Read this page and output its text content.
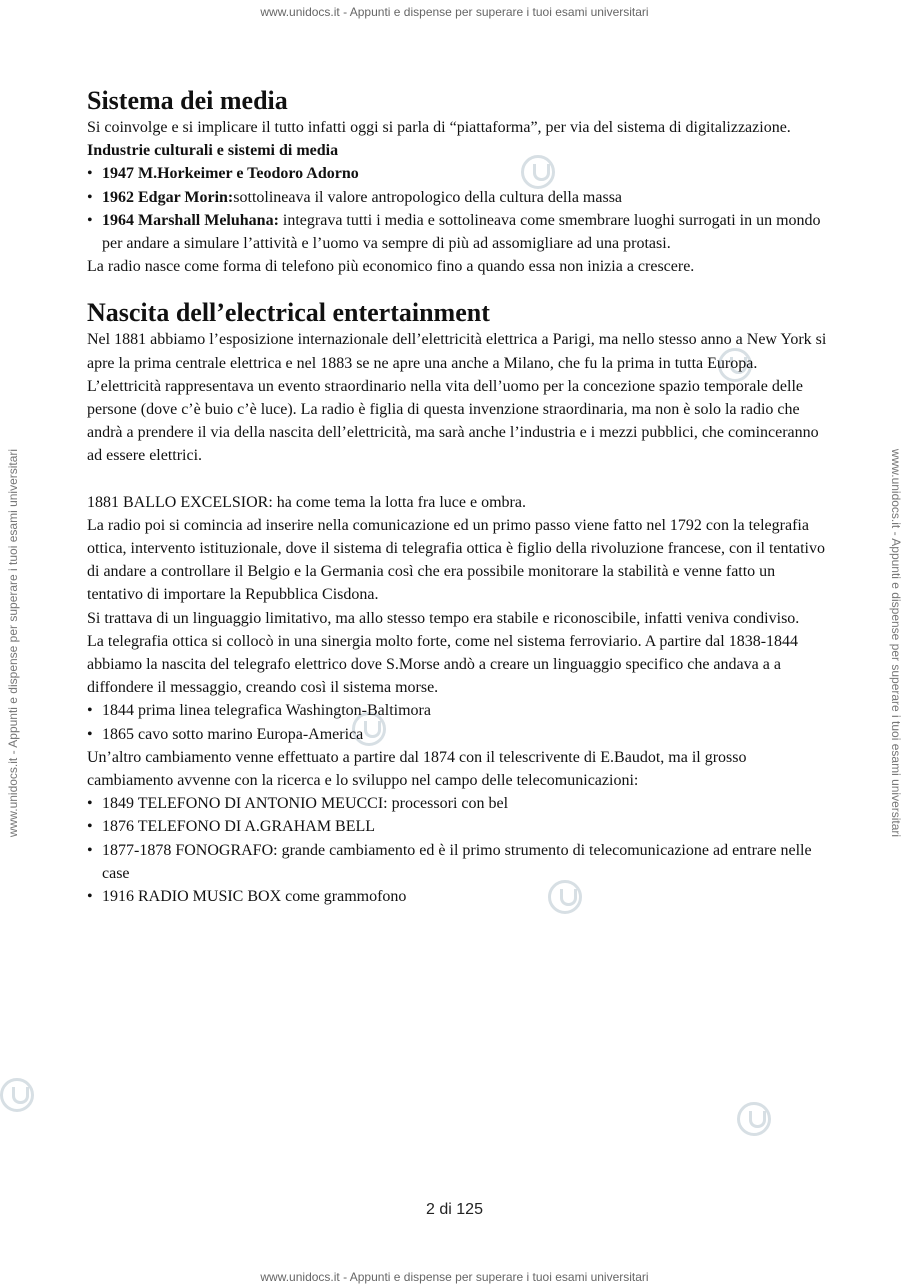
www.unidocs.it - Appunti e dispense per superare i tuoi esami universitari
www.unidocs.it - Appunti e dispense per superare i tuoi esami universitari	www.unidocs.it - Appunti e dispense per superare i tuoi esami universitari
Sistema dei media

Si coinvolge e si implicare il tutto infatti oggi si parla di “piattaforma”, per via del sistema di digitalizzazione.

Industrie culturali e sistemi di media

• 1947 M.Horkeimer e Teodoro Adorno
• 1962 Edgar Morin:sottolineava il valore antropologico della cultura della massa
• 1964 Marshall Meluhana: integrava tutti i media e sottolineava come smembrare luoghi surrogati in un mondo per andare a simulare l’attività e l’uomo va sempre di più ad assomigliare ad una protasi.

La radio nasce come forma di telefono più economico fino a quando essa non inizia a crescere.

Nascita dell’electrical entertainment

Nel 1881 abbiamo l’esposizione internazionale dell’elettricità elettrica a Parigi, ma nello stesso anno a New York si apre la prima centrale elettrica e nel 1883 se ne apre una anche a Milano, che fu la prima in tutta Europa.

L’elettricità rappresentava un evento straordinario nella vita dell’uomo per la concezione spazio temporale delle persone (dove c’è buio c’è luce). La radio è figlia di questa invenzione straordinaria, ma non è solo la radio che andrà a prendere il via della nascita dell’elettricità, ma sarà anche l’industria e i mezzi pubblici, che cominceranno ad essere elettrici.

1881 BALLO EXCELSIOR: ha come tema la lotta fra luce e ombra.

La radio poi si comincia ad inserire nella comunicazione ed un primo passo viene fatto nel 1792 con la telegrafia ottica, intervento istituzionale, dove il sistema di telegrafia ottica è figlio della rivoluzione francese, con il tentativo di andare a controllare il Belgio e la Germania così che era possibile monitorare la stabilità e venne fatto un tentativo di importare la Repubblica Cisdona.

Si trattava di un linguaggio limitativo, ma allo stesso tempo era stabile e riconoscibile, infatti veniva condiviso.

La telegrafia ottica si collocò in una sinergia molto forte, come nel sistema ferroviario. A partire dal 1838-1844 abbiamo la nascita del telegrafo elettrico dove S.Morse andò a creare un linguaggio specifico che andava a a diffondere il messaggio, creando così il sistema morse.

• 1844 prima linea telegrafica Washington-Baltimora
• 1865 cavo sotto marino Europa-America

Un’altro cambiamento venne effettuato a partire dal 1874 con il telescrivente di E.Baudot, ma il grosso cambiamento avvenne con la ricerca e lo sviluppo nel campo delle telecomunicazioni:

• 1849 TELEFONO DI ANTONIO MEUCCI: processori con bel
• 1876 TELEFONO DI A.GRAHAM BELL
• 1877-1878 FONOGRAFO: grande cambiamento ed è il primo strumento di telecomunicazione ad entrare nelle case
• 1916 RADIO MUSIC BOX come grammofono
2 di 125
www.unidocs.it - Appunti e dispense per superare i tuoi esami universitari
